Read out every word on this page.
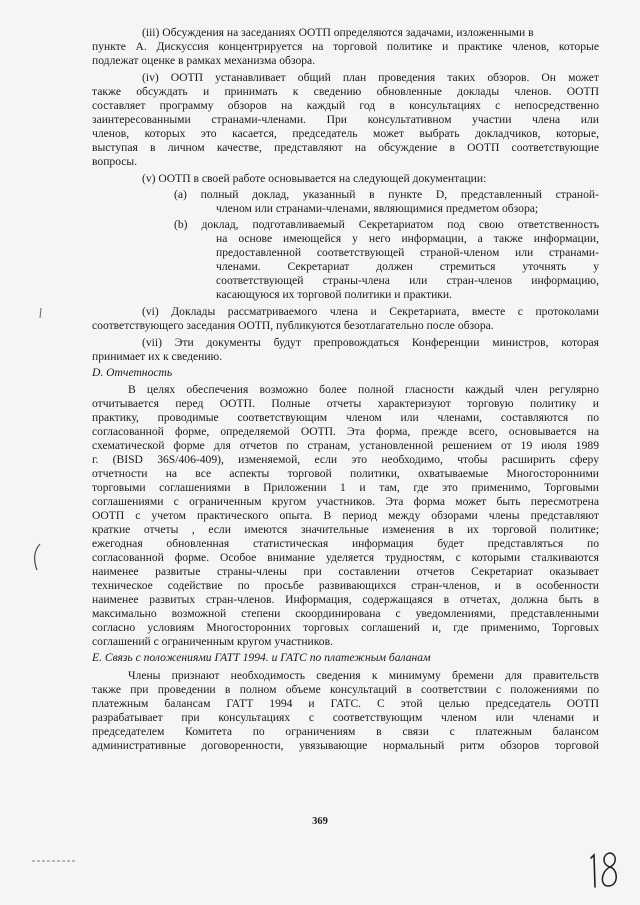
(iii) Обсуждения на заседаниях ООТП определяются задачами, изложенными в
пункте А. Дискуссия концентрируется на торговой политике и практике членов, которые
подлежат оценке в рамках механизма обзора.
(iv) ООТП устанавливает общий план проведения таких обзоров. Он может
также обсуждать и принимать к сведению обновленные доклады членов. ООТП
составляет программу обзоров на каждый год в консультациях с непосредственно
заинтересованными странами-членами. При консультативном участии члена или
членов, которых это касается, председатель может выбрать докладчиков, которые,
выступая в личном качестве, представляют на обсуждение в ООТП соответствующие
вопросы.
(v) ООТП в своей работе основывается на следующей документации:
(a) полный доклад, указанный в пункте D, представленный страной-
членом или странами-членами, являющимися предметом обзора;
(b) доклад, подготавливаемый Секретариатом под свою ответственность
на основе имеющейся у него информации, а также информации,
предоставленной соответствующей страной-членом или странами-
членами. Секретариат должен стремиться уточнять у
соответствующей страны-члена или стран-членов информацию,
касающуюся их торговой политики и практики.
(vi) Доклады рассматриваемого члена и Секретариата, вместе с протоколами
соответствующего заседания ООТП, публикуются безотлагательно после обзора.
(vii) Эти документы будут препровождаться Конференции министров, которая
принимает их к сведению.
D. Отчетность
В целях обеспечения возможно более полной гласности каждый член регулярно
отчитывается перед ООТП. Полные отчеты характеризуют торговую политику и
практику, проводимые соответствующим членом или членами, составляются по
согласованной форме, определяемой ООТП. Эта форма, прежде всего, основывается на
схематической форме для отчетов по странам, установленной решением от 19 июля 1989
г. (BISD 36S/406-409), изменяемой, если это необходимо, чтобы расширить сферу
отчетности на все аспекты торговой политики, охватываемые Многосторонними
торговыми соглашениями в Приложении 1 и там, где это применимо, Торговыми
соглашениями с ограниченным кругом участников. Эта форма может быть пересмотрена
ООТП с учетом практического опыта. В период между обзорами члены представляют
краткие отчеты , если имеются значительные изменения в их торговой политике;
ежегодная обновленная статистическая информация будет представляться по
согласованной форме. Особое внимание уделяется трудностям, с которыми сталкиваются
наименее развитые страны-члены при составлении отчетов Секретариат оказывает
техническое содействие по просьбе развивающихся стран-членов, и в особенности
наименее развитых стран-членов. Информация, содержащаяся в отчетах, должна быть в
максимально возможной степени скоординирована с уведомлениями, представленными
согласно условиям Многосторонних торговых соглашений и, где применимо, Торговых
соглашений с ограниченным кругом участников.
E. Связь с положениями ГАТТ 1994. и ГАТС по платежным баланам
Члены признают необходимость сведения к минимуму бремени для правительств
также при проведении в полном объеме консультаций в соответствии с положениями по
платежным балансам ГАТТ 1994 и ГАТС. С этой целью председатель ООТП
разрабатывает при консультациях с соответствующим членом или членами и
председателем Комитета по ограничениям в связи с платежным балансом
административные договоренности, увязывающие нормальный ритм обзоров торговой
369
